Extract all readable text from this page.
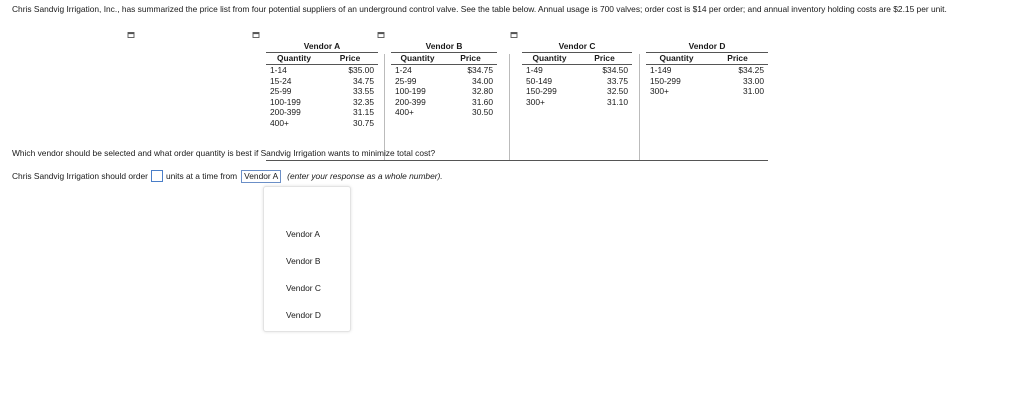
Chris Sandvig Irrigation, Inc., has summarized the price list from four potential suppliers of an underground control valve. See the table below. Annual usage is 700 valves; order cost is $14 per order; and annual inventory holding costs are $2.15 per unit.
Vendor A
Quantity	Price
1-14	$35.00
15-24	34.75
25-99	33.55
100-199	32.35
200-399	31.15
400+	30.75
Vendor B
Quantity	Price
1-24	$34.75
25-99	34.00
100-199	32.80
200-399	31.60
400+	30.50
Vendor C
Quantity	Price
1-49	$34.50
50-149	33.75
150-299	32.50
300+	31.10
Vendor D
Quantity	Price
1-149	$34.25
150-299	33.00
300+	31.00
Which vendor should be selected and what order quantity is best if Sandvig Irrigation wants to minimize total cost?
Chris Sandvig Irrigation should order units at a time from Vendor A	(enter your response as a whole number).
Vendor A
Vendor B
Vendor C
Vendor D
